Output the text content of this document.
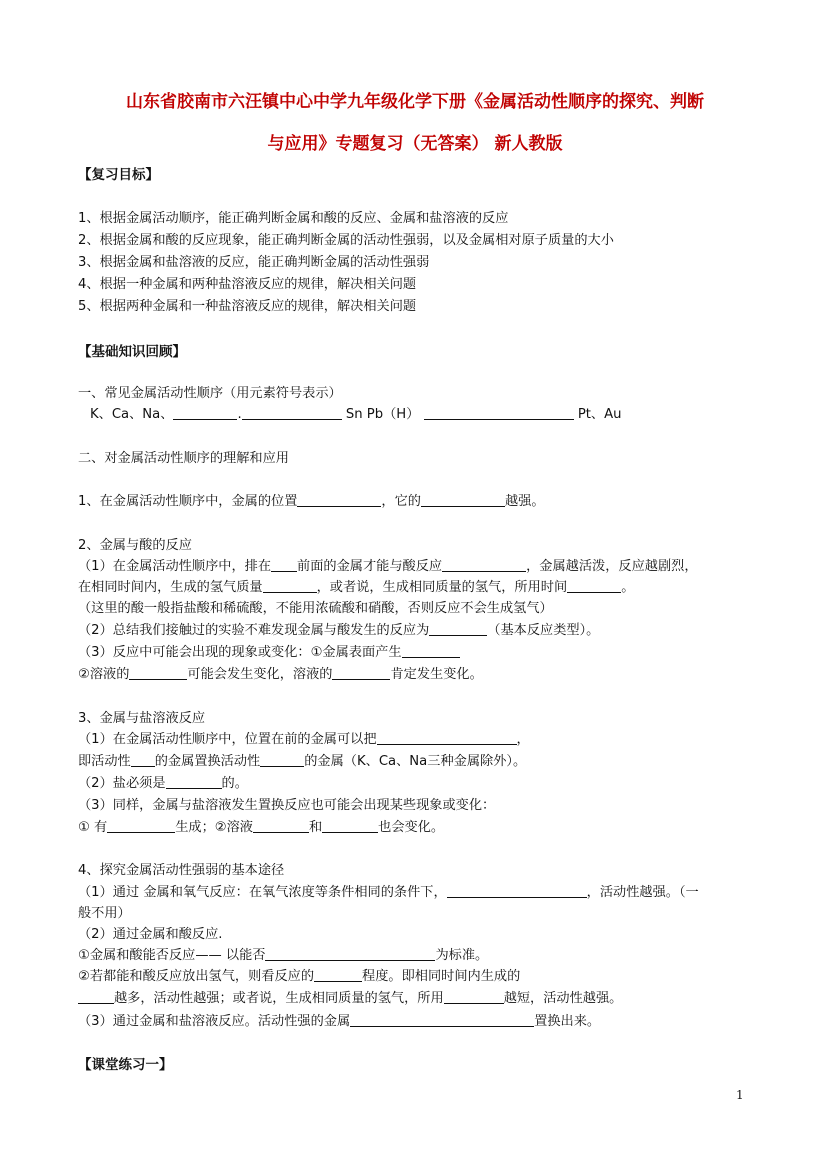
山东省胶南市六汪镇中心中学九年级化学下册《金属活动性顺序的探究、判断
与应用》专题复习（无答案） 新人教版
【复习目标】
1、根据金属活动顺序，能正确判断金属和酸的反应、金属和盐溶液的反应
2、根据金属和酸的反应现象，能正确判断金属的活动性强弱，以及金属相对原子质量的大小
3、根据金属和盐溶液的反应，能正确判断金属的活动性强弱
4、根据一种金属和两种盐溶液反应的规律，解决相关问题
5、根据两种金属和一种盐溶液反应的规律，解决相关问题
【基础知识回顾】
一、常见金属活动性顺序（用元素符号表示）
K、Ca、Na、	.	Sn Pb（H）	Pt、Au
二、对金属活动性顺序的理解和应用
1、在金属活动性顺序中，金属的位置	，它的	越强。
2、金属与酸的反应
（1）在金属活动性顺序中，排在 前面的金属才能与酸反应	，金属越活泼，反应越剧烈，
在相同时间内，生成的氢气质量	，或者说，生成相同质量的氢气，所用时间	。
（这里的酸一般指盐酸和稀硫酸，不能用浓硫酸和硝酸，否则反应不会生成氢气）
（2）总结我们接触过的实验不难发现金属与酸发生的反应为	（基本反应类型）。
（3）反应中可能会出现的现象或变化：①金属表面产生
②溶液的	可能会发生变化，溶液的	肯定发生变化。
3、金属与盐溶液反应
（1）在金属活动性顺序中，位置在前的金属可以把	，
即活动性 的金属置换活动性	的金属（K、Ca、Na三种金属除外）。
（2）盐必须是	的。
（3）同样，金属与盐溶液发生置换反应也可能会出现某些现象或变化：
① 有	生成；②溶液	和	也会变化。
4、探究金属活动性强弱的基本途径
（1）通过 金属和氧气反应：在氧气浓度等条件相同的条件下，	，活动性越强。（一
般不用）
（2）通过金属和酸反应.
①金属和酸能否反应—— 以能否	为标准。
②若都能和酸反应放出氢气，则看反应的	程度。即相同时间内生成的
越多，活动性越强；或者说，生成相同质量的氢气，所用	越短，活动性越强。
（3）通过金属和盐溶液反应。活动性强的金属	置换出来。
【课堂练习一】
1
